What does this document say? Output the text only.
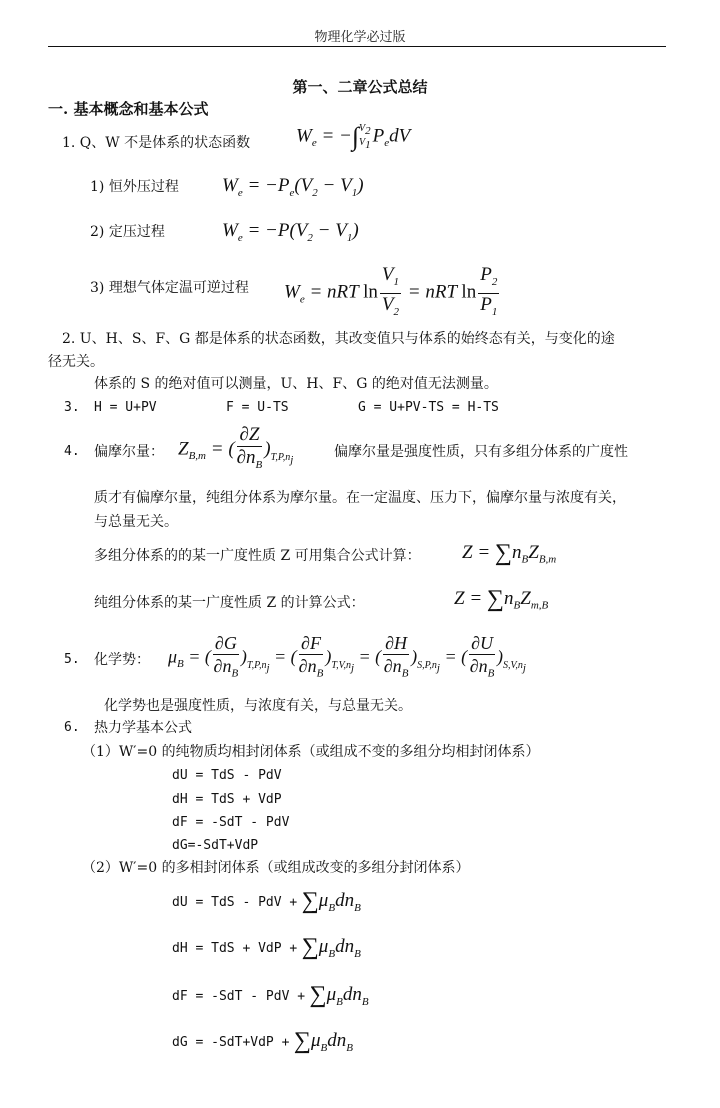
物理化学必过版
第一、二章公式总结
一. 基本概念和基本公式
1. Q、W 不是体系的状态函数 $W_e$ = −∫ $V_2$
$V_1$ $P_edV$
1) 恒外压过程 $W_e = -P_e(V_2 - V_1)$
2) 定压过程	$W_e = -P(V_2 - V_1)$
3) 理想气体定温可逆过程 $W_e$ = nRT $\ln \frac{V_1}{V_2}$ = nRT $\ln \frac{P_2}{P_1}$
2. U、H、S、F、G 都是体系的状态函数，其改变值只与体系的始终态有关，与变化的途
径无关。
体系的 S 的绝对值可以测量，U、H、F、G 的绝对值无法测量。
3. H = U+PV	F = U-TS	G = U+PV-TS = H-TS
4. 偏摩尔量： $Z_{B,m}$ = ( $\frac{\partial Z}{\partial n_B} )_{T,P,n_j}$
偏摩尔量是强度性质，只有多组分体系的广度性
质才有偏摩尔量，纯组分体系为摩尔量。在一定温度、压力下，偏摩尔量与浓度有关，
与总量无关。
多组分体系的的某一广度性质 Z 可用集合公式计算： $Z = \sum n_BZ_{B,m}$
纯组分体系的某一广度性质 Z 的计算公式：	$Z = \sum n_BZ_{m,B}$
5. 化学势： $\mu_B$ = ( $\frac{\partial G}{\partial n_B} )_{T,P,n_j}$ = ( $\frac{\partial F}{\partial n_B} )_{T,V,n_j}$ = ( $\frac{\partial H}{\partial n_B} )_{S,P,n_j}$ = ( $\frac{\partial U}{\partial n_B} )_{S,V,n_j}$
化学势也是强度性质，与浓度有关，与总量无关。
6. 热力学基本公式
（1）W′=0 的纯物质均相封闭体系（或组成不变的多组分均相封闭体系）
dU = TdS - PdV
dH = TdS + VdP
dF = -SdT - PdV
dG=-SdT+VdP
（2）W′=0 的多相封闭体系（或组成改变的多组分封闭体系）
dU = TdS - PdV + $\sum\mu_Bdn_B$
dH = TdS + VdP + $\sum\mu_Bdn_B$
dF = -SdT - PdV + $\sum\mu_Bdn_B$
dG = $-SdT+VdP + \sum\mu_Bdn_B$
